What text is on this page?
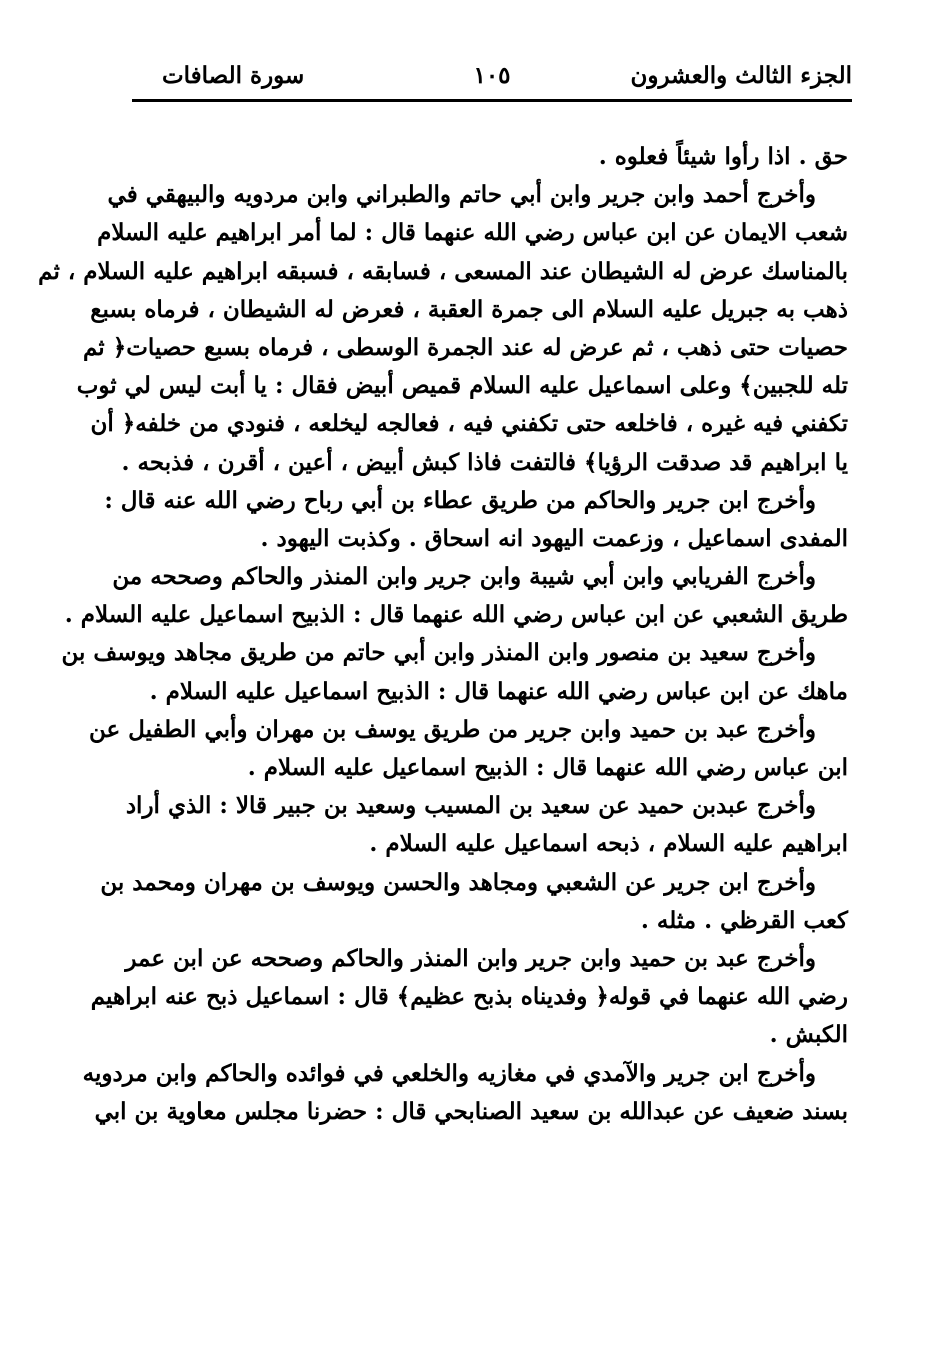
الجزء الثالث والعشرون
١٠٥
سورة الصافات
حق . اذا رأوا شيئاً فعلوه .
وأخرج أحمد وابن جرير وابن أبي حاتم والطبراني وابن مردويه والبيهقي في
شعب الايمان عن ابن عباس رضي الله عنهما قال : لما أمر ابراهيم عليه السلام
بالمناسك عرض له الشيطان عند المسعى ، فسابقه ، فسبقه ابراهيم عليه السلام ، ثم
ذهب به جبريل عليه السلام الى جمرة العقبة ، فعرض له الشيطان ، فرماه بسبع
حصيات حتى ذهب ، ثم عرض له عند الجمرة الوسطى ، فرماه بسبع حصيات﴿ ثم
تله للجبين﴾ وعلى اسماعيل عليه السلام قميص أبيض فقال : يا أبت ليس لي ثوب
تكفني فيه غيره ، فاخلعه حتى تكفني فيه ، فعالجه ليخلعه ، فنودي من خلفه﴿ أن
يا ابراهيم قد صدقت الرؤيا﴾ فالتفت فاذا كبش أبيض ، أعين ، أقرن ، فذبحه .
وأخرج ابن جرير والحاكم من طريق عطاء بن أبي رباح رضي الله عنه قال :
المفدى اسماعيل ، وزعمت اليهود انه اسحاق . وكذبت اليهود .
وأخرج الفريابي وابن أبي شيبة وابن جرير وابن المنذر والحاكم وصححه من
طريق الشعبي عن ابن عباس رضي الله عنهما قال : الذبيح اسماعيل عليه السلام .
وأخرج سعيد بن منصور وابن المنذر وابن أبي حاتم من طريق مجاهد ويوسف بن
ماهك عن ابن عباس رضي الله عنهما قال : الذبيح اسماعيل عليه السلام .
وأخرج عبد بن حميد وابن جرير من طريق يوسف بن مهران وأبي الطفيل عن
ابن عباس رضي الله عنهما قال : الذبيح اسماعيل عليه السلام .
وأخرج عبدبن حميد عن سعيد بن المسيب وسعيد بن جبير قالا : الذي أراد
ابراهيم عليه السلام ، ذبحه اسماعيل عليه السلام .
وأخرج ابن جرير عن الشعبي ومجاهد والحسن ويوسف بن مهران ومحمد بن
كعب القرظي . مثله .
وأخرج عبد بن حميد وابن جرير وابن المنذر والحاكم وصححه عن ابن عمر
رضي الله عنهما في قوله﴿ وفديناه بذبح عظيم﴾ قال : اسماعيل ذبح عنه ابراهيم
الكبش .
وأخرج ابن جرير والآمدي في مغازيه والخلعي في فوائده والحاكم وابن مردويه
بسند ضعيف عن عبدالله بن سعيد الصنابحي قال : حضرنا مجلس معاوية بن ابي
